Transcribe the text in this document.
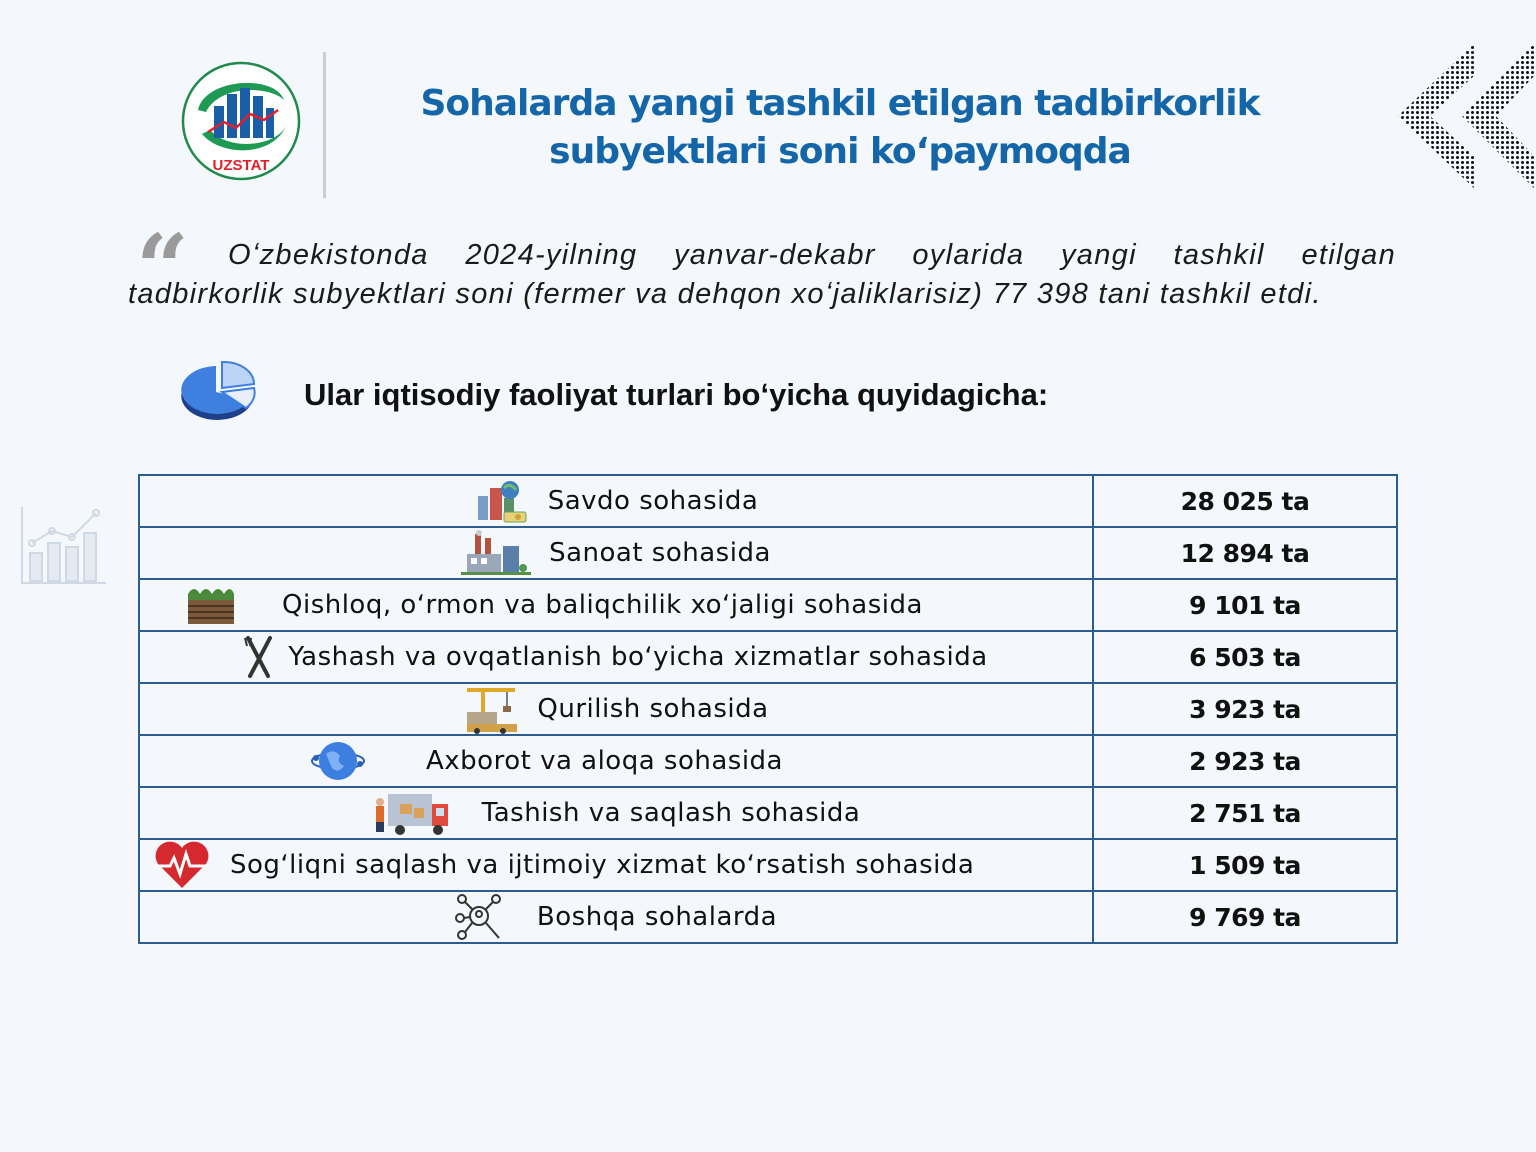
UZSTAT
Sohalarda yangi tashkil etilgan tadbirkorlik
subyektlari soni koʻpaymoqda
“	Oʻzbekistonda 2024-yilning yanvar-dekabr oylarida yangi tashkil etilgan tadbirkorlik subyektlari soni (fermer va dehqon xoʻjaliklarisiz) 77 398 tani tashkil etdi.
Ular iqtisodiy faoliyat turlari boʻyicha quyidagicha:
Savdo sohasida	28 025 ta

Sanoat sohasida	12 894 ta

Qishloq, oʻrmon va baliqchilik xoʻjaligi sohasida	9 101 ta

Yashash va ovqatlanish boʻyicha xizmatlar sohasida	6 503 ta

Qurilish sohasida	3 923 ta

Axborot va aloqa sohasida	2 923 ta

Tashish va saqlash sohasida	2 751 ta

Sogʻliqni saqlash va ijtimoiy xizmat koʻrsatish sohasida	1 509 ta

Boshqa sohalarda	9 769 ta
